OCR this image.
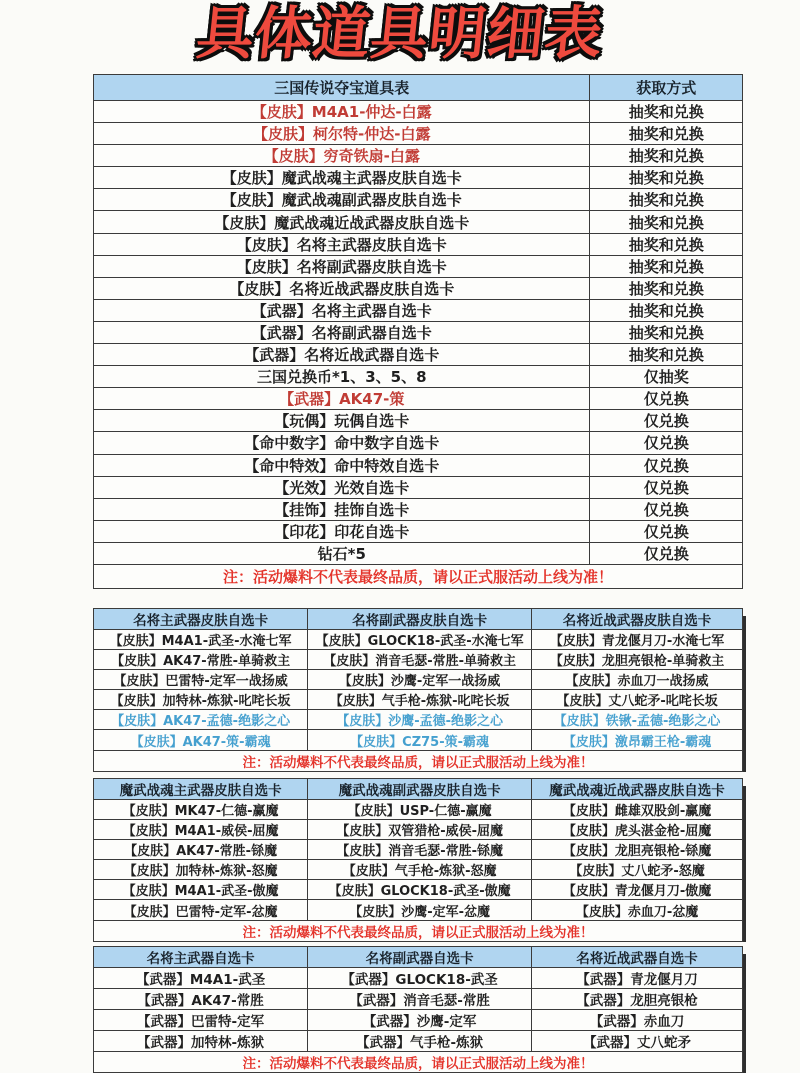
具体道具明细表
三国传说夺宝道具表	获取方式
【皮肤】M4A1-仲达-白露	抽奖和兑换
【皮肤】柯尔特-仲达-白露	抽奖和兑换
【皮肤】穷奇铁扇-白露	抽奖和兑换
【皮肤】魔武战魂主武器皮肤自选卡	抽奖和兑换
【皮肤】魔武战魂副武器皮肤自选卡	抽奖和兑换
【皮肤】魔武战魂近战武器皮肤自选卡	抽奖和兑换
【皮肤】名将主武器皮肤自选卡	抽奖和兑换
【皮肤】名将副武器皮肤自选卡	抽奖和兑换
【皮肤】名将近战武器皮肤自选卡	抽奖和兑换
【武器】名将主武器自选卡	抽奖和兑换
【武器】名将副武器自选卡	抽奖和兑换
【武器】名将近战武器自选卡	抽奖和兑换
三国兑换币*1、3、5、8	仅抽奖
【武器】AK47-策	仅兑换
【玩偶】玩偶自选卡	仅兑换
【命中数字】命中数字自选卡	仅兑换
【命中特效】命中特效自选卡	仅兑换
【光效】光效自选卡	仅兑换
【挂饰】挂饰自选卡	仅兑换
【印花】印花自选卡	仅兑换
钻石*5	仅兑换
注：活动爆料不代表最终品质，请以正式服活动上线为准！	
名将主武器皮肤自选卡	名将副武器皮肤自选卡	名将近战武器皮肤自选卡
【皮肤】M4A1-武圣-水淹七军	【皮肤】GLOCK18-武圣-水淹七军	【皮肤】青龙偃月刀-水淹七军
【皮肤】AK47-常胜-单骑救主	【皮肤】消音毛瑟-常胜-单骑救主	【皮肤】龙胆亮银枪-单骑救主
【皮肤】巴雷特-定军一战扬威	【皮肤】沙鹰-定军一战扬威	【皮肤】赤血刀一战扬威
【皮肤】加特林-炼狱-叱咤长坂	【皮肤】气手枪-炼狱-叱咤长坂	【皮肤】丈八蛇矛-叱咤长坂
【皮肤】AK47-孟德-绝影之心	【皮肤】沙鹰-孟德-绝影之心	【皮肤】铁锹-孟德-绝影之心
【皮肤】AK47-策-霸魂	【皮肤】CZ75-策-霸魂	【皮肤】激昂霸王枪-霸魂
注：活动爆料不代表最终品质，请以正式服活动上线为准！		
魔武战魂主武器皮肤自选卡	魔武战魂副武器皮肤自选卡	魔武战魂近战武器皮肤自选卡
【皮肤】MK47-仁德-赢魔	【皮肤】USP-仁德-赢魔	【皮肤】雌雄双股剑-赢魔
【皮肤】M4A1-威侯-屈魔	【皮肤】双管猎枪-威侯-屈魔	【皮肤】虎头湛金枪-屈魔
【皮肤】AK47-常胜-铩魔	【皮肤】消音毛瑟-常胜-铩魔	【皮肤】龙胆亮银枪-铩魔
【皮肤】加特林-炼狱-怒魔	【皮肤】气手枪-炼狱-怒魔	【皮肤】丈八蛇矛-怒魔
【皮肤】M4A1-武圣-傲魔	【皮肤】GLOCK18-武圣-傲魔	【皮肤】青龙偃月刀-傲魔
【皮肤】巴雷特-定军-忿魔	【皮肤】沙鹰-定军-忿魔	【皮肤】赤血刀-忿魔
注：活动爆料不代表最终品质，请以正式服活动上线为准！		
名将主武器自选卡	名将副武器自选卡	名将近战武器自选卡
【武器】M4A1-武圣	【武器】GLOCK18-武圣	【武器】青龙偃月刀
【武器】AK47-常胜	【武器】消音毛瑟-常胜	【武器】龙胆亮银枪
【武器】巴雷特-定军	【武器】沙鹰-定军	【武器】赤血刀
【武器】加特林-炼狱	【武器】气手枪-炼狱	【武器】丈八蛇矛
注：活动爆料不代表最终品质，请以正式服活动上线为准！		
